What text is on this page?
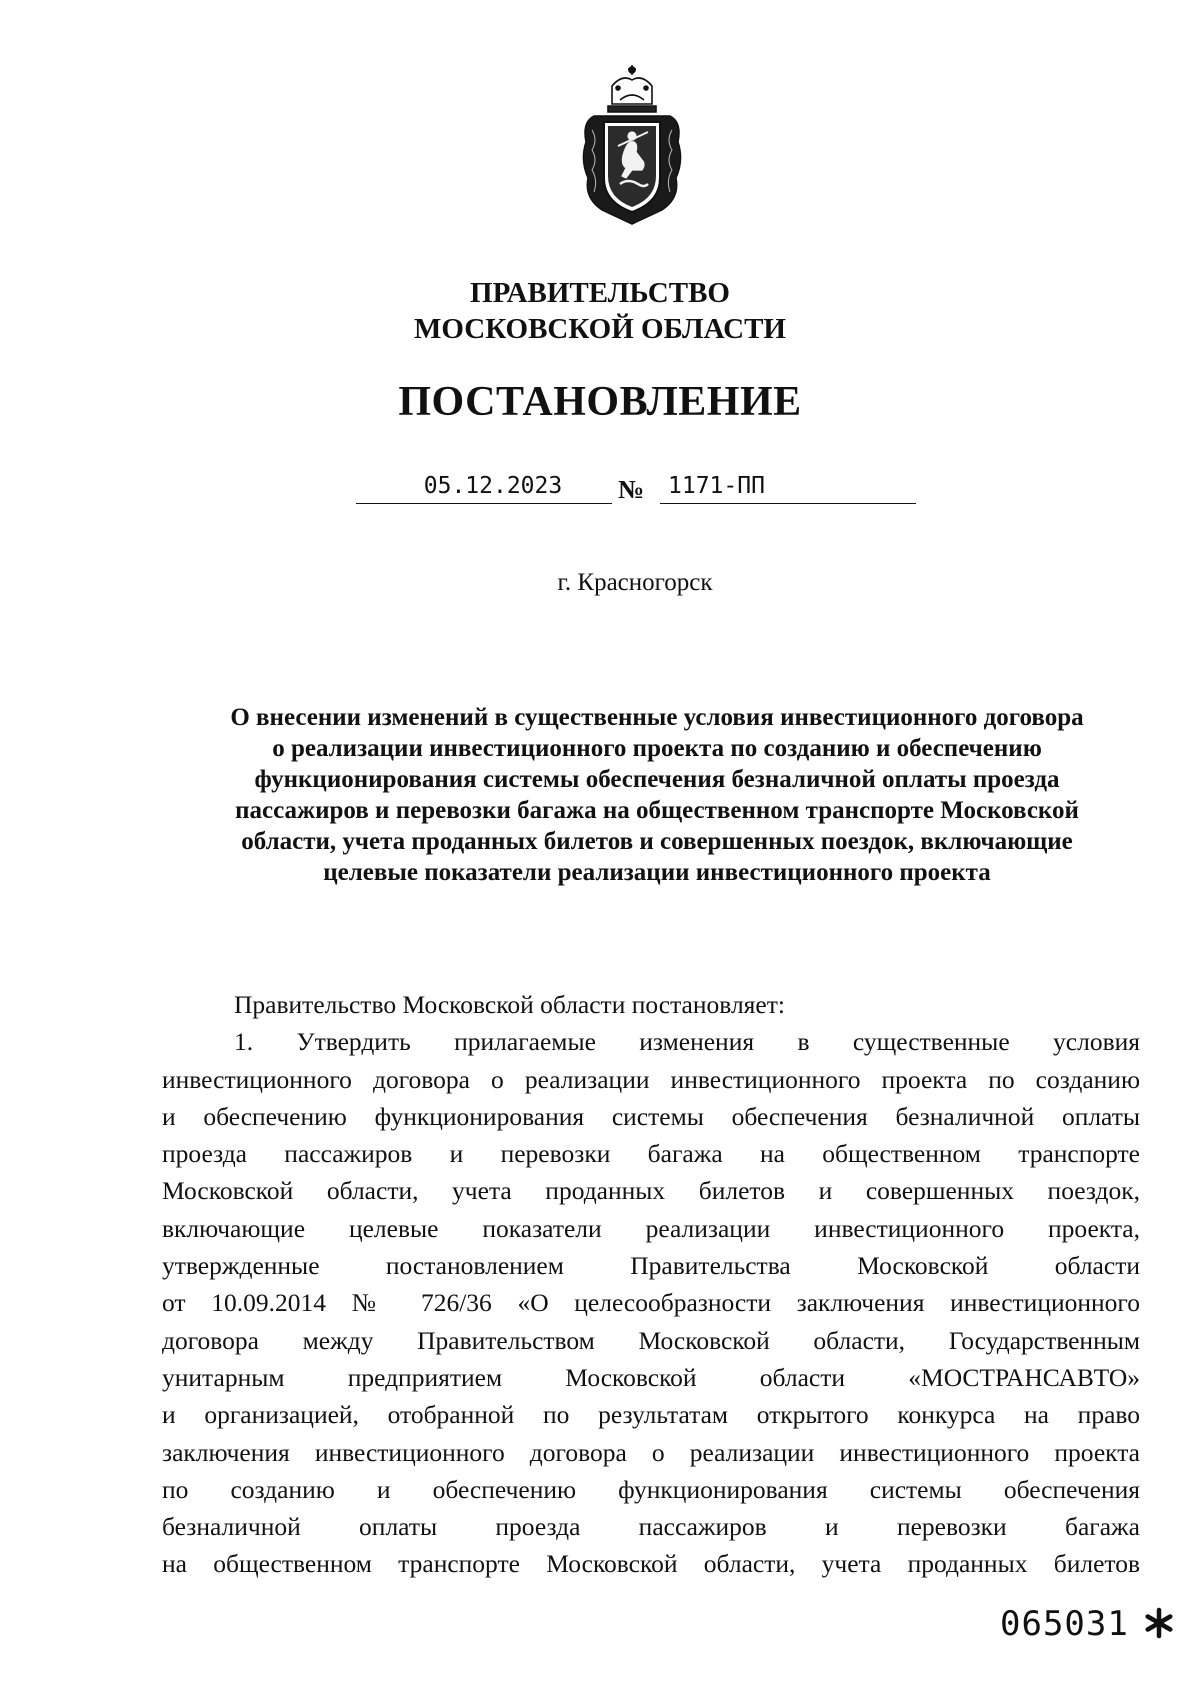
ПРАВИТЕЛЬСТВО
МОСКОВСКОЙ ОБЛАСТИ
ПОСТАНОВЛЕНИЕ
05.12.2023	№	1171-ПП
г. Красногорск
О внесении изменений в существенные условия инвестиционного договора
о реализации инвестиционного проекта по созданию и обеспечению
функционирования системы обеспечения безналичной оплаты проезда
пассажиров и перевозки багажа на общественном транспорте Московской
области, учета проданных билетов и совершенных поездок, включающие
целевые показатели реализации инвестиционного проекта
Правительство Московской области постановляет:
1. Утвердить прилагаемые изменения в существенные условия
инвестиционного договора о реализации инвестиционного проекта по созданию
и обеспечению функционирования системы обеспечения безналичной оплаты
проезда пассажиров и перевозки багажа на общественном транспорте
Московской области, учета проданных билетов и совершенных поездок,
включающие целевые показатели реализации инвестиционного проекта,
утвержденные постановлением Правительства Московской области
от 10.09.2014 № 726/36 «О целесообразности заключения инвестиционного
договора между Правительством Московской области, Государственным
унитарным предприятием Московской области «МОСТРАНСАВТО»
и организацией, отобранной по результатам открытого конкурса на право
заключения инвестиционного договора о реализации инвестиционного проекта
по созданию и обеспечению функционирования системы обеспечения
безналичной оплаты проезда пассажиров и перевозки багажа
на общественном транспорте Московской области, учета проданных билетов
065031
